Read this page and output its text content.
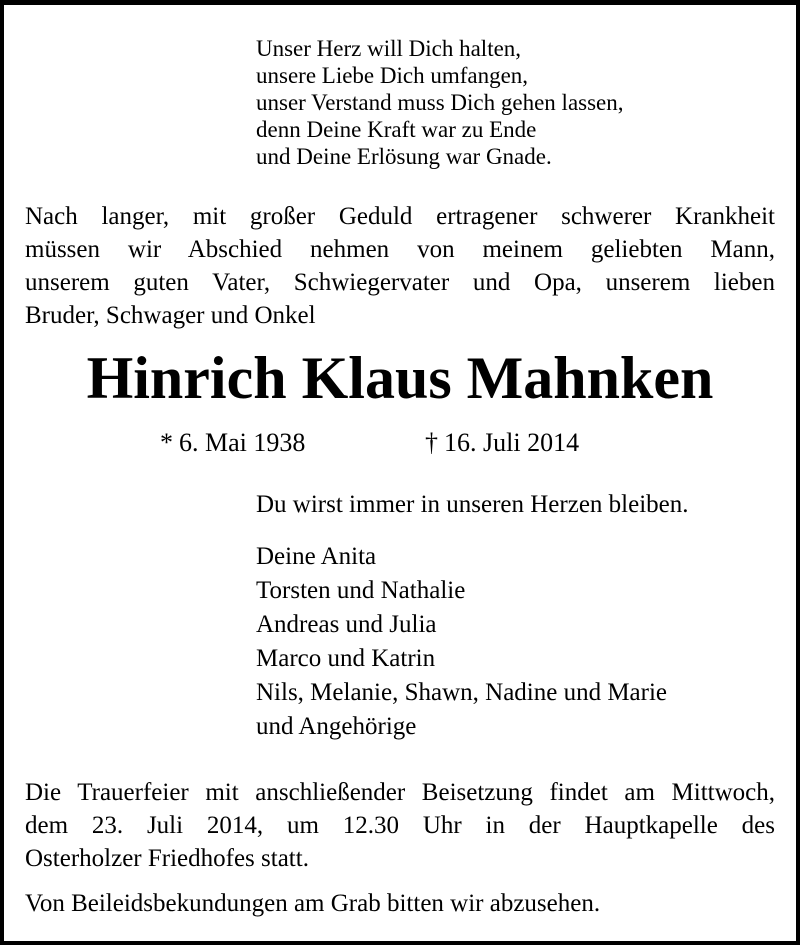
Unser Herz will Dich halten,
unsere Liebe Dich umfangen,
unser Verstand muss Dich gehen lassen,
denn Deine Kraft war zu Ende
und Deine Erlösung war Gnade.
Nach langer, mit großer Geduld ertragener schwerer Krankheit
müssen wir Abschied nehmen von meinem geliebten Mann,
unserem guten Vater, Schwiegervater und Opa, unserem lieben
Bruder, Schwager und Onkel
Hinrich Klaus Mahnken
* 6. Mai 1938	† 16. Juli 2014

Du wirst immer in unseren Herzen bleiben.

Deine Anita
Torsten und Nathalie
Andreas und Julia
Marco und Katrin
Nils, Melanie, Shawn, Nadine und Marie
und Angehörige
Die Trauerfeier mit anschließender Beisetzung findet am Mittwoch,
dem 23. Juli 2014, um 12.30 Uhr in der Hauptkapelle des
Osterholzer Friedhofes statt.

Von Beileidsbekundungen am Grab bitten wir abzusehen.
